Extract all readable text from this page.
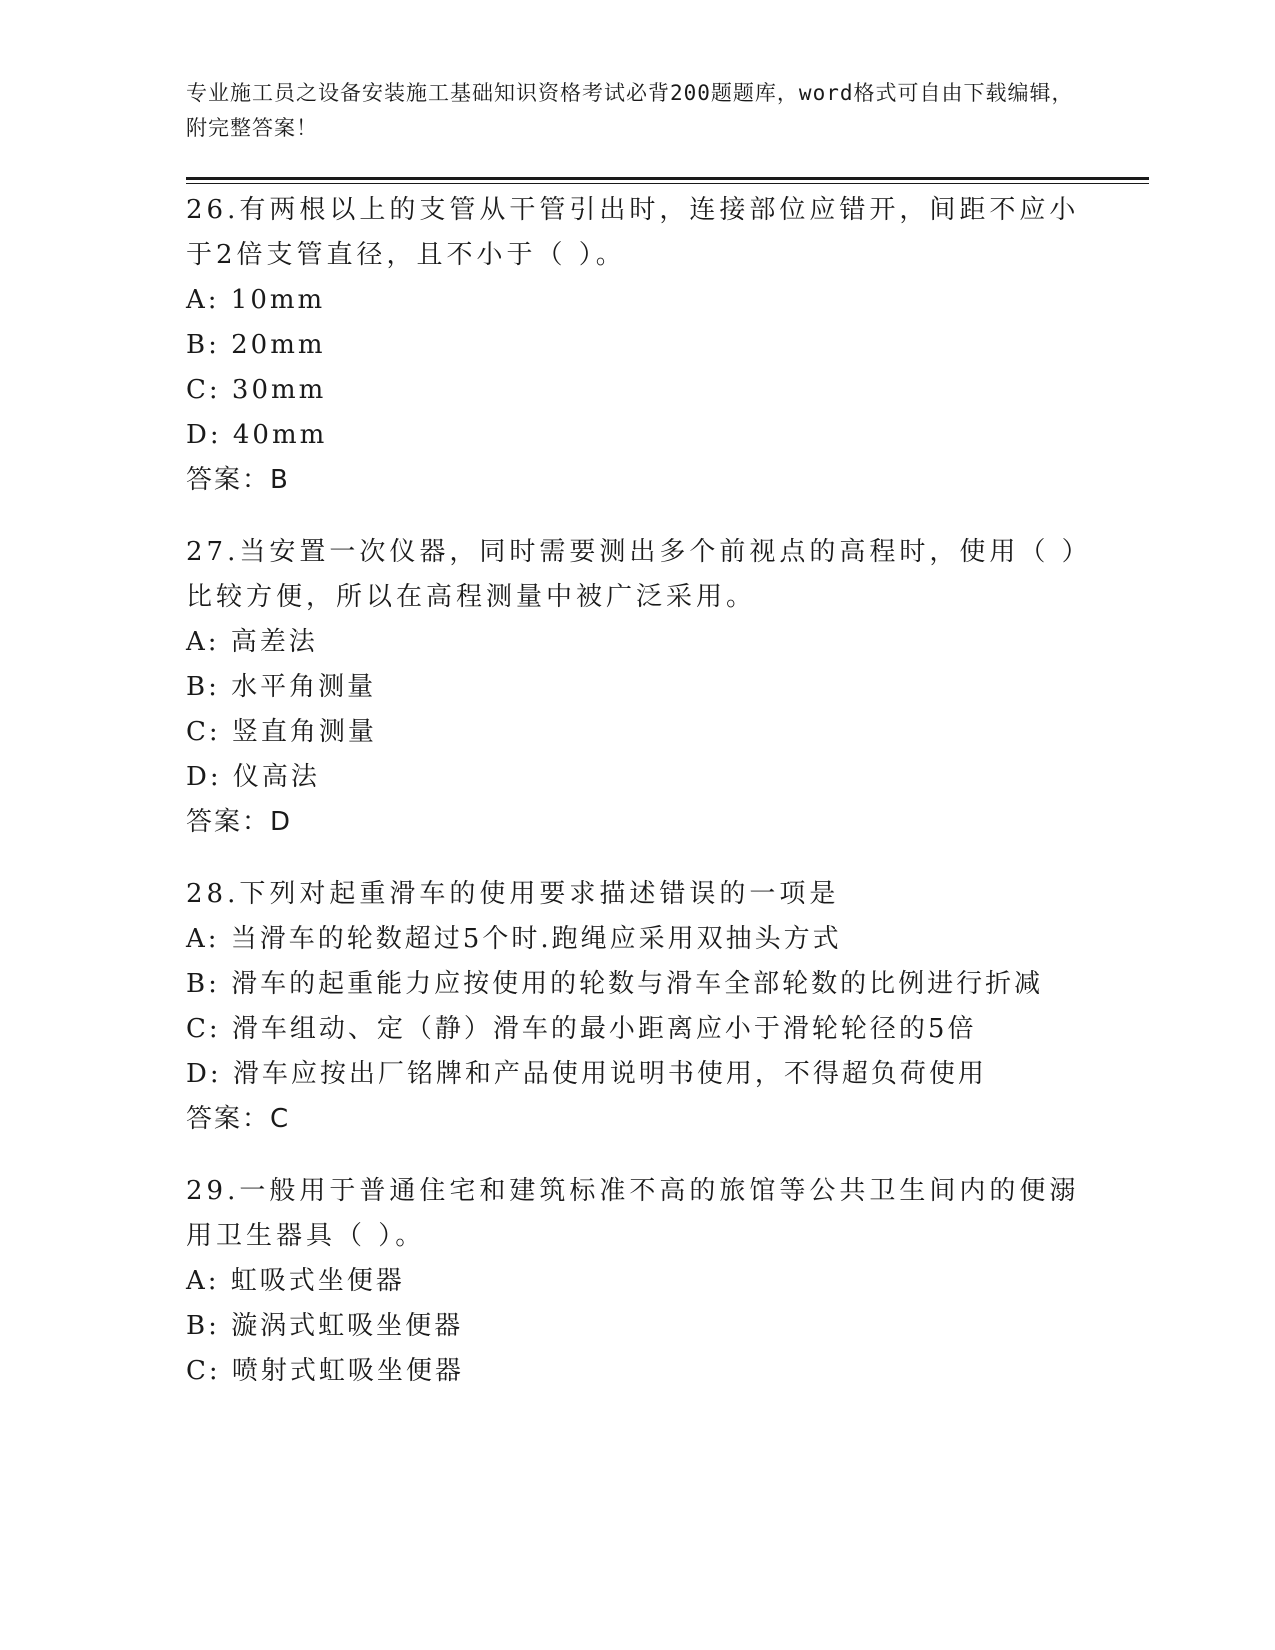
专业施工员之设备安装施工基础知识资格考试必背200题题库，word格式可自由下载编辑，附完整答案！
26.有两根以上的支管从干管引出时，连接部位应错开，间距不应小于2倍支管直径，且不小于（ ）。
A: 10mm
B: 20mm
C: 30mm
D: 40mm
答案：B
27.当安置一次仪器，同时需要测出多个前视点的高程时，使用（ ）比较方便，所以在高程测量中被广泛采用。
A: 高差法
B: 水平角测量
C: 竖直角测量
D: 仪高法
答案：D
28.下列对起重滑车的使用要求描述错误的一项是
A: 当滑车的轮数超过5个时.跑绳应采用双抽头方式
B: 滑车的起重能力应按使用的轮数与滑车全部轮数的比例进行折减
C: 滑车组动、定（静）滑车的最小距离应小于滑轮轮径的5倍
D: 滑车应按出厂铭牌和产品使用说明书使用，不得超负荷使用
答案：C
29.一般用于普通住宅和建筑标准不高的旅馆等公共卫生间内的便溺用卫生器具（ ）。
A: 虹吸式坐便器
B: 漩涡式虹吸坐便器
C: 喷射式虹吸坐便器
